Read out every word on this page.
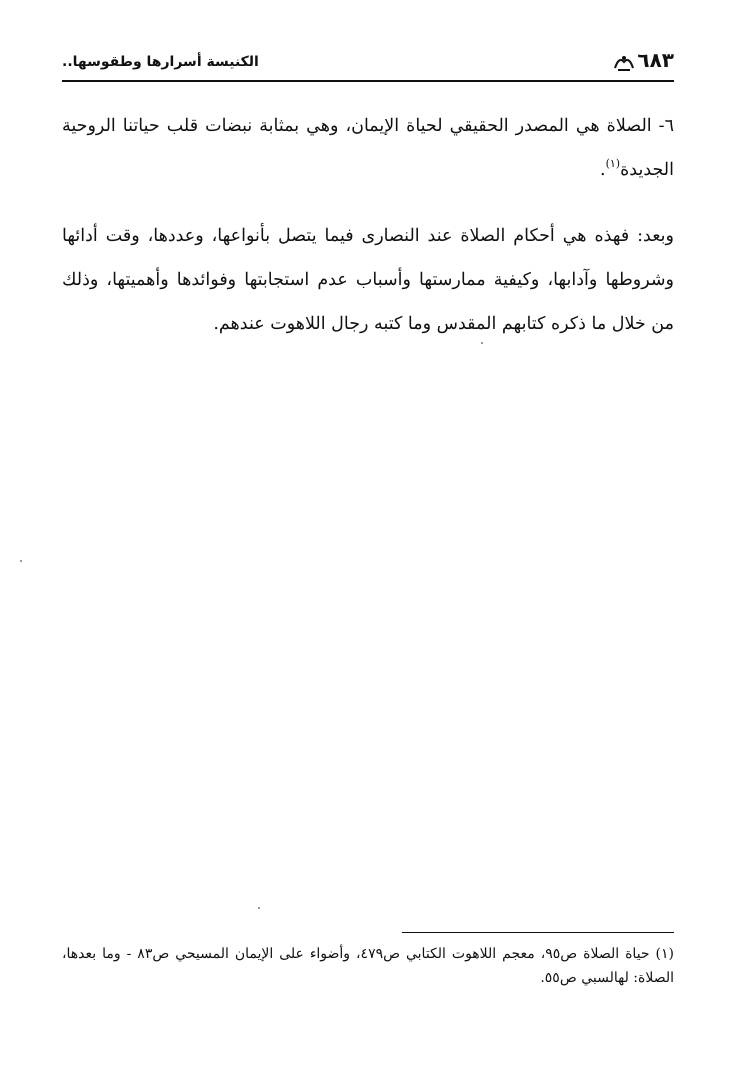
الكنيسة أسرارها وطقوسها..	٦٨٣

٦- الصلاة هي المصدر الحقيقي لحياة الإيمان، وهي بمثابة نبضات قلب حياتنا الروحية الجديدة$^{(١)}$.

وبعد: فهذه هي أحكام الصلاة عند النصارى فيما يتصل بأنواعها، وعددها، وقت أدائها وشروطها وآدابها، وكيفية ممارستها وأسباب عدم استجابتها وفوائدها وأهميتها، وذلك من خلال ما ذكره كتابهم المقدس وما كتبه رجال اللاهوت عندهم.

(١) حياة الصلاة ص٩٥، معجم اللاهوت الكتابي ص٤٧٩، وأضواء على الإيمان المسيحي ص٨٣ - وما بعدها، الصلاة: لهالسبي ص٥٥.
